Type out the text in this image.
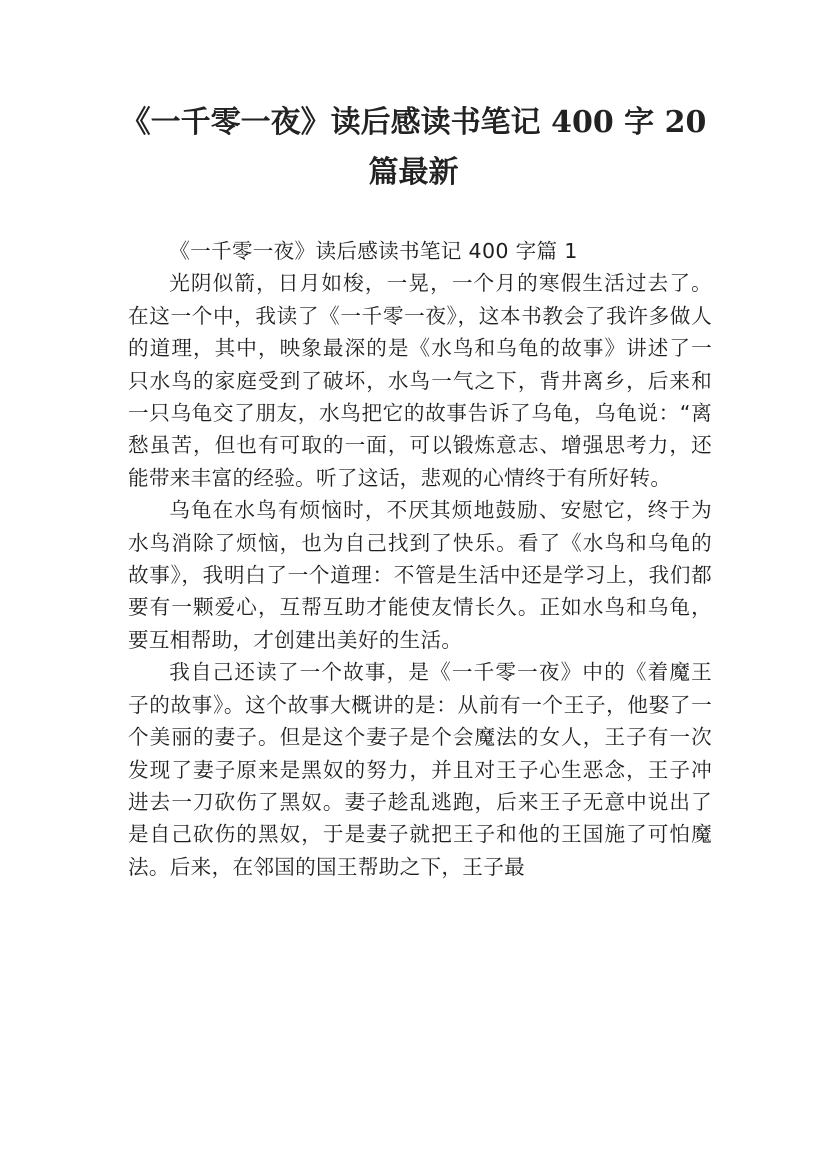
《一千零一夜》读后感读书笔记 400 字 20
篇最新

《一千零一夜》读后感读书笔记 400 字篇 1

光阴似箭，日月如梭，一晃，一个月的寒假生活过去了。在这一个中，我读了《一千零一夜》，这本书教会了我许多做人的道理，其中，映象最深的是《水鸟和乌龟的故事》讲述了一只水鸟的家庭受到了破坏，水鸟一气之下，背井离乡，后来和一只乌龟交了朋友，水鸟把它的故事告诉了乌龟，乌龟说：“离愁虽苦，但也有可取的一面，可以锻炼意志、增强思考力，还能带来丰富的经验。听了这话，悲观的心情终于有所好转。

乌龟在水鸟有烦恼时，不厌其烦地鼓励、安慰它，终于为水鸟消除了烦恼，也为自己找到了快乐。看了《水鸟和乌龟的故事》，我明白了一个道理：不管是生活中还是学习上，我们都要有一颗爱心，互帮互助才能使友情长久。正如水鸟和乌龟，要互相帮助，才创建出美好的生活。

我自己还读了一个故事，是《一千零一夜》中的《着魔王子的故事》。这个故事大概讲的是：从前有一个王子，他娶了一个美丽的妻子。但是这个妻子是个会魔法的女人，王子有一次发现了妻子原来是黑奴的努力，并且对王子心生恶念，王子冲进去一刀砍伤了黑奴。妻子趁乱逃跑，后来王子无意中说出了是自己砍伤的黑奴，于是妻子就把王子和他的王国施了可怕魔法。后来，在邻国的国王帮助之下，王子最
